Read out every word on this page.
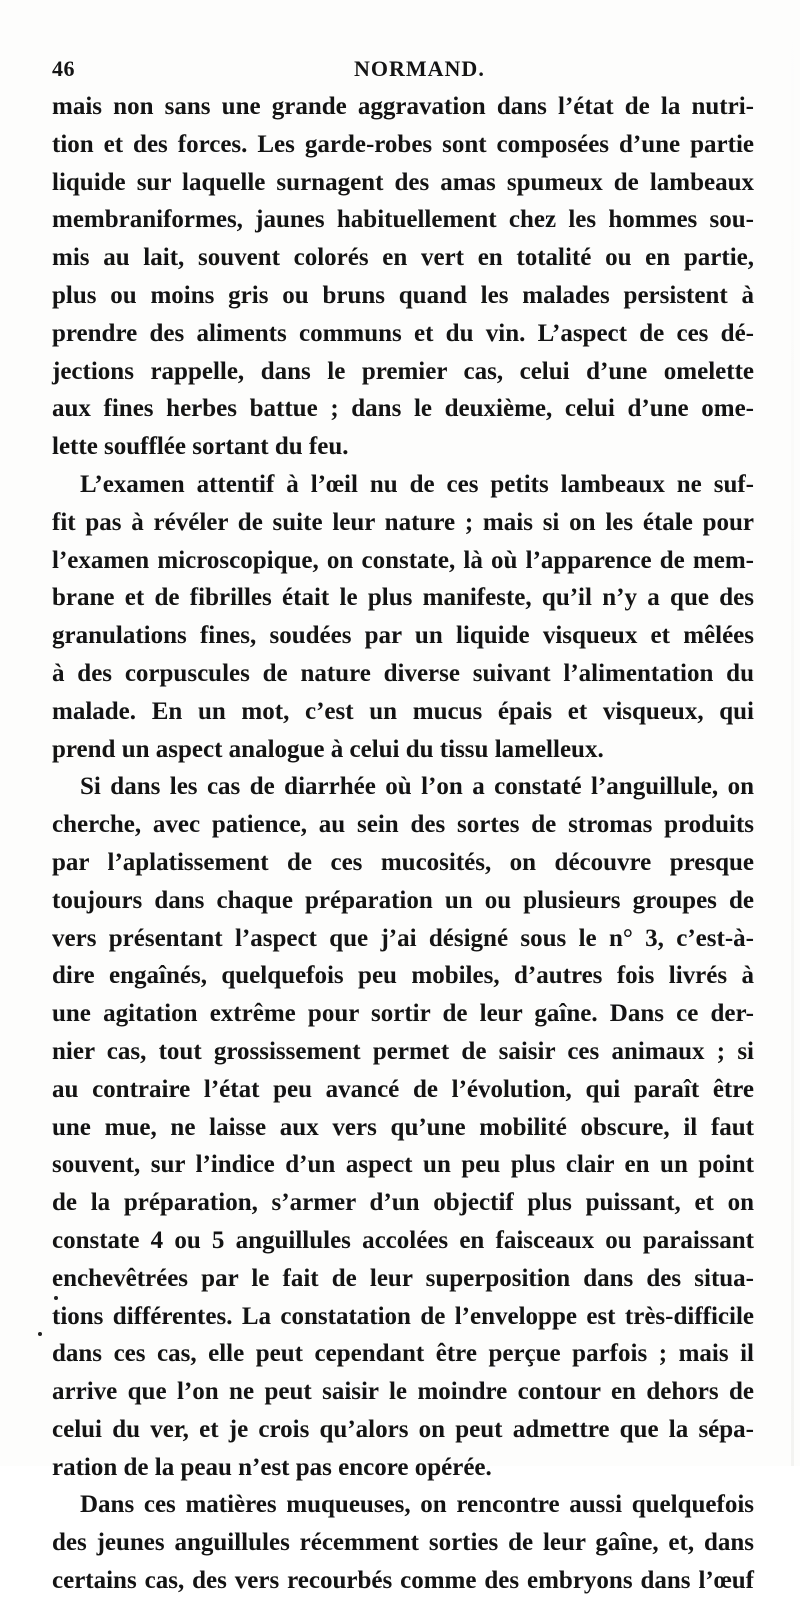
46	NORMAND.
mais non sans une grande aggravation dans l’état de la nutri-
tion et des forces. Les garde-robes sont composées d’une partie
liquide sur laquelle surnagent des amas spumeux de lambeaux
membraniformes, jaunes habituellement chez les hommes sou-
mis au lait, souvent colorés en vert en totalité ou en partie,
plus ou moins gris ou bruns quand les malades persistent à
prendre des aliments communs et du vin. L’aspect de ces dé-
jections rappelle, dans le premier cas, celui d’une omelette
aux fines herbes battue ; dans le deuxième, celui d’une ome-
lette soufflée sortant du feu.
L’examen attentif à l’œil nu de ces petits lambeaux ne suf-
fit pas à révéler de suite leur nature ; mais si on les étale pour
l’examen microscopique, on constate, là où l’apparence de mem-
brane et de fibrilles était le plus manifeste, qu’il n’y a que des
granulations fines, soudées par un liquide visqueux et mêlées
à des corpuscules de nature diverse suivant l’alimentation du
malade. En un mot, c’est un mucus épais et visqueux, qui
prend un aspect analogue à celui du tissu lamelleux.
Si dans les cas de diarrhée où l’on a constaté l’anguillule, on
cherche, avec patience, au sein des sortes de stromas produits
par l’aplatissement de ces mucosités, on découvre presque
toujours dans chaque préparation un ou plusieurs groupes de
vers présentant l’aspect que j’ai désigné sous le n° 3, c’est-à-
dire engaînés, quelquefois peu mobiles, d’autres fois livrés à
une agitation extrême pour sortir de leur gaîne. Dans ce der-
nier cas, tout grossissement permet de saisir ces animaux ; si
au contraire l’état peu avancé de l’évolution, qui paraît être
une mue, ne laisse aux vers qu’une mobilité obscure, il faut
souvent, sur l’indice d’un aspect un peu plus clair en un point
de la préparation, s’armer d’un objectif plus puissant, et on
constate 4 ou 5 anguillules accolées en faisceaux ou paraissant
enchevêtrées par le fait de leur superposition dans des situa-
tions différentes. La constatation de l’enveloppe est très-difficile
dans ces cas, elle peut cependant être perçue parfois ; mais il
arrive que l’on ne peut saisir le moindre contour en dehors de
celui du ver, et je crois qu’alors on peut admettre que la sépa-
ration de la peau n’est pas encore opérée.
Dans ces matières muqueuses, on rencontre aussi quelquefois
des jeunes anguillules récemment sorties de leur gaîne, et, dans
certains cas, des vers recourbés comme des embryons dans l’œuf
